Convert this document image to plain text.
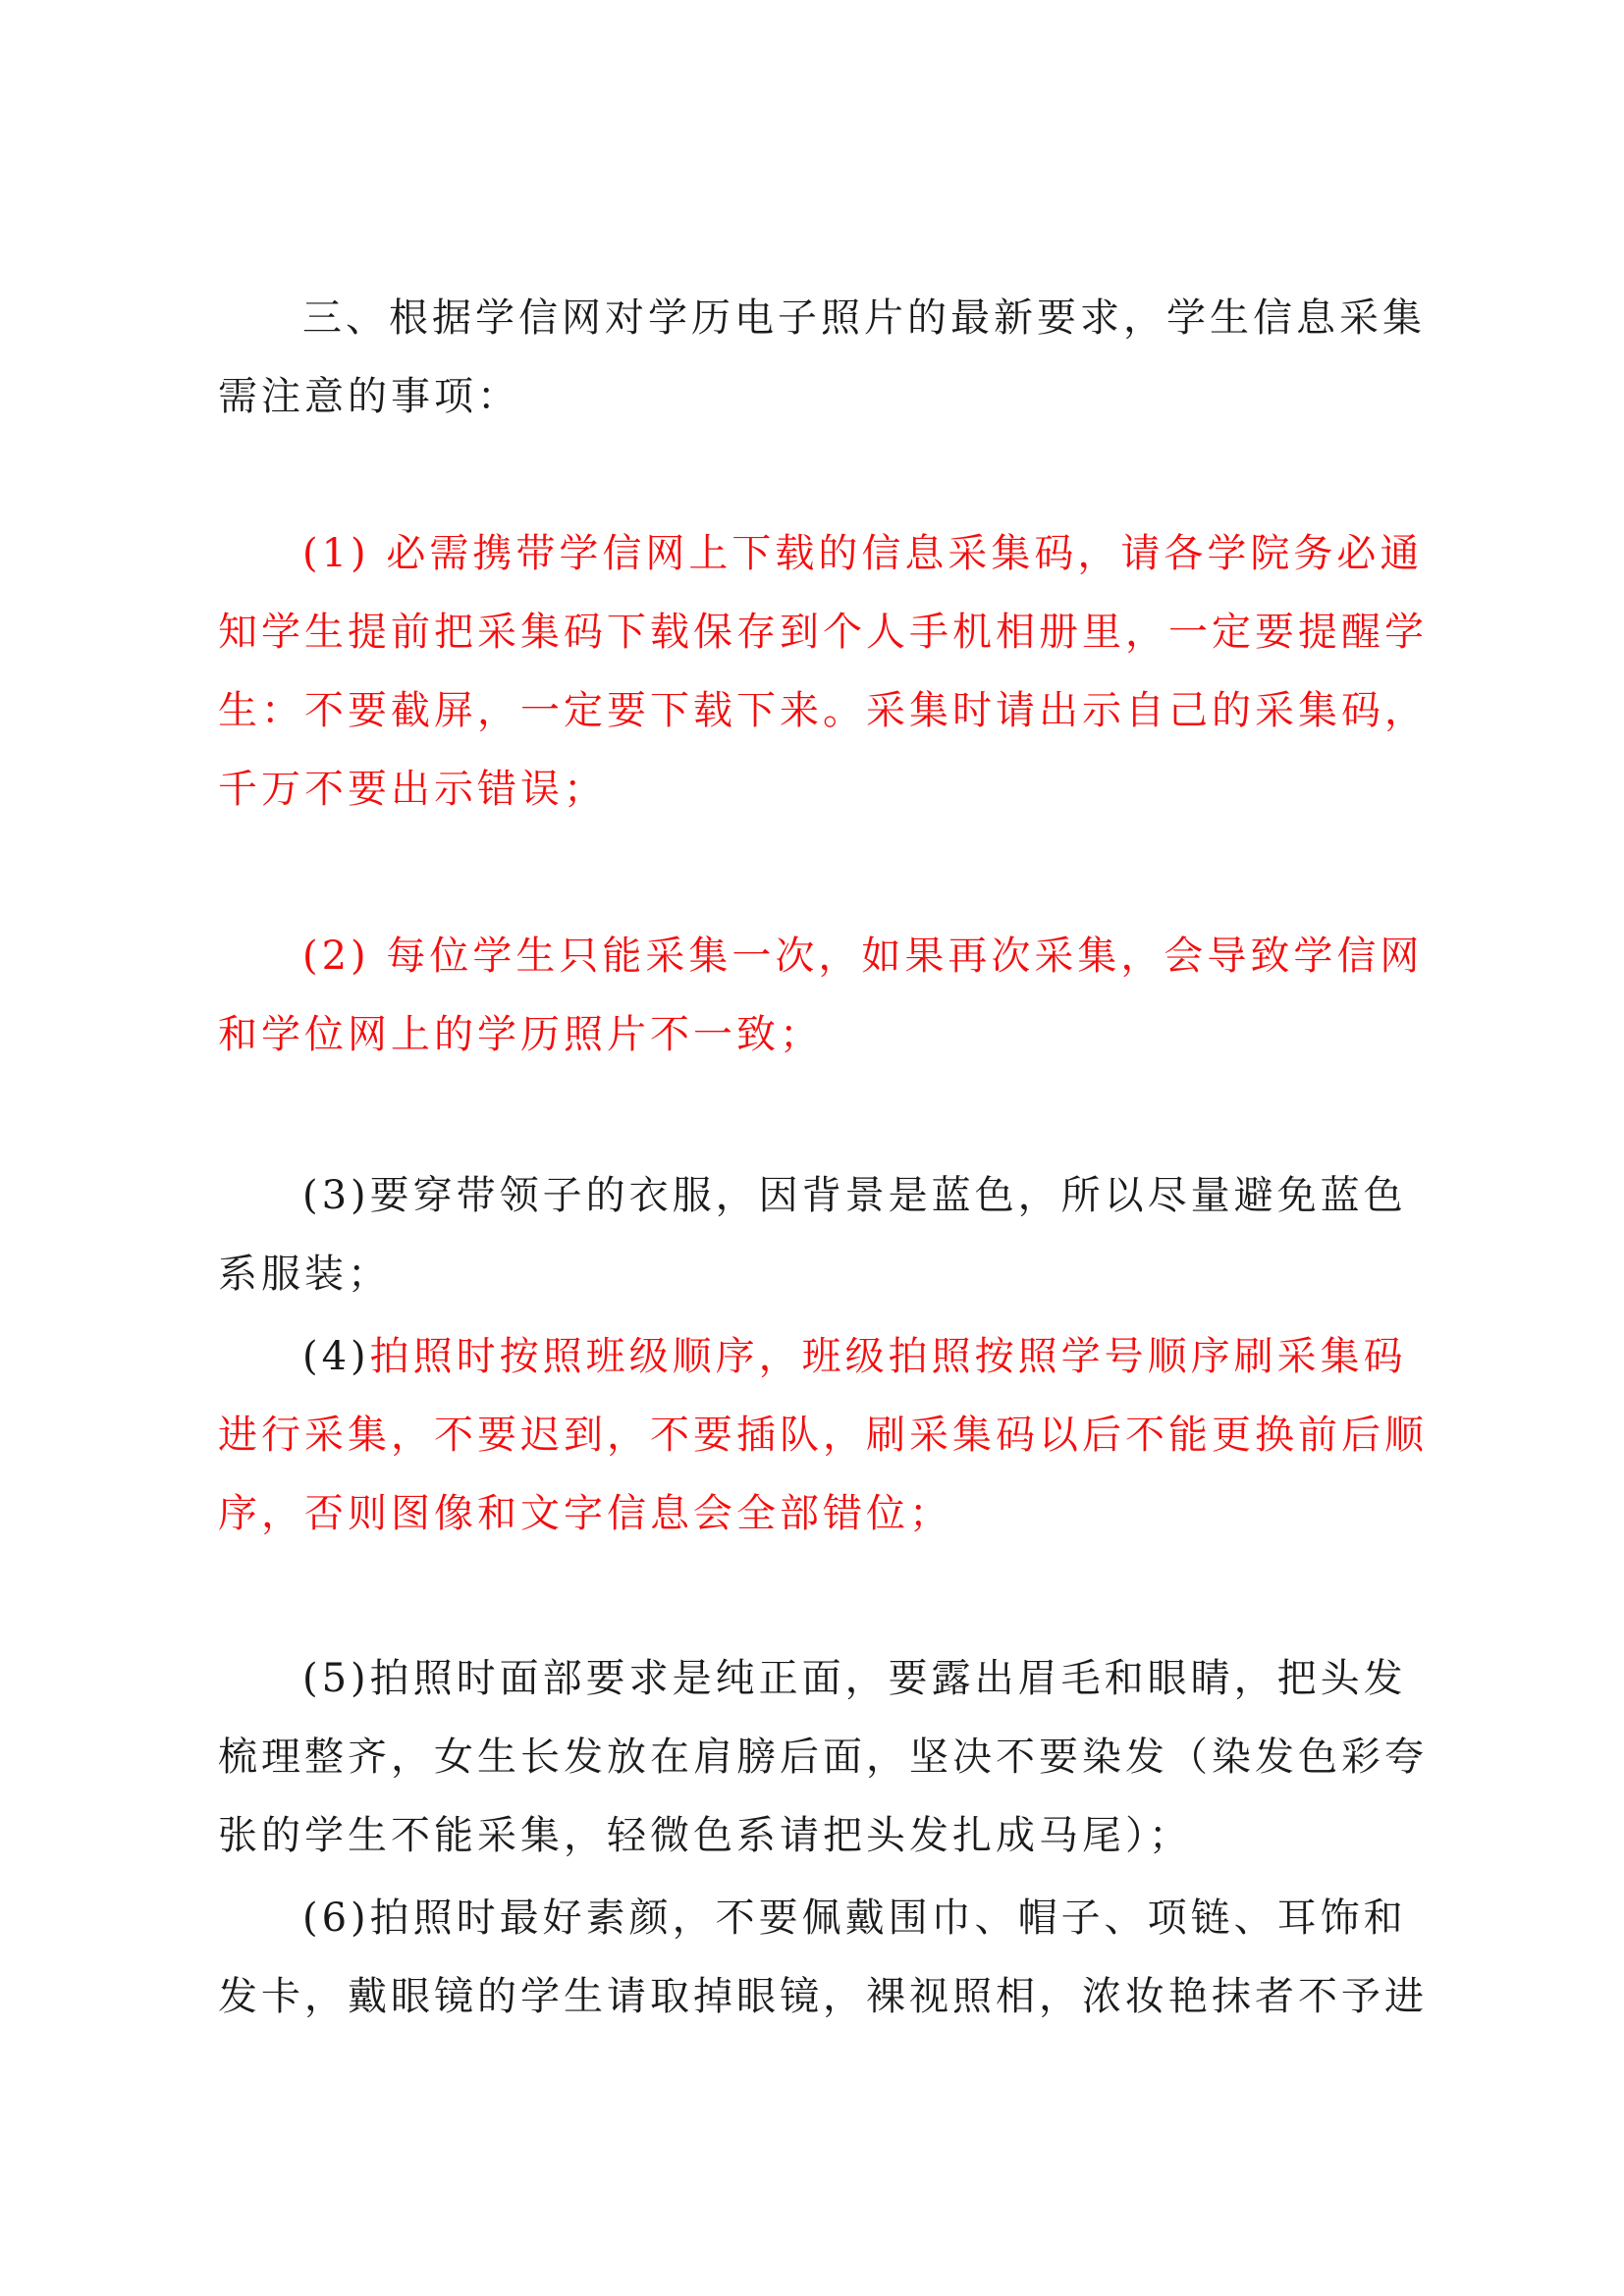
三、根据学信网对学历电子照片的最新要求，学生信息采集需注意的事项：

(1) 必需携带学信网上下载的信息采集码，请各学院务必通知学生提前把采集码下载保存到个人手机相册里，一定要提醒学生：不要截屏，一定要下载下来。采集时请出示自己的采集码，千万不要出示错误；

(2) 每位学生只能采集一次，如果再次采集，会导致学信网和学位网上的学历照片不一致；

(3)要穿带领子的衣服，因背景是蓝色，所以尽量避免蓝色系服装；

(4)拍照时按照班级顺序，班级拍照按照学号顺序刷采集码进行采集，不要迟到，不要插队，刷采集码以后不能更换前后顺序，否则图像和文字信息会全部错位；

(5)拍照时面部要求是纯正面，要露出眉毛和眼睛，把头发梳理整齐，女生长发放在肩膀后面，坚决不要染发（染发色彩夸张的学生不能采集，轻微色系请把头发扎成马尾）；

(6)拍照时最好素颜，不要佩戴围巾、帽子、项链、耳饰和发卡，戴眼镜的学生请取掉眼镜，裸视照相，浓妆艳抹者不予进
